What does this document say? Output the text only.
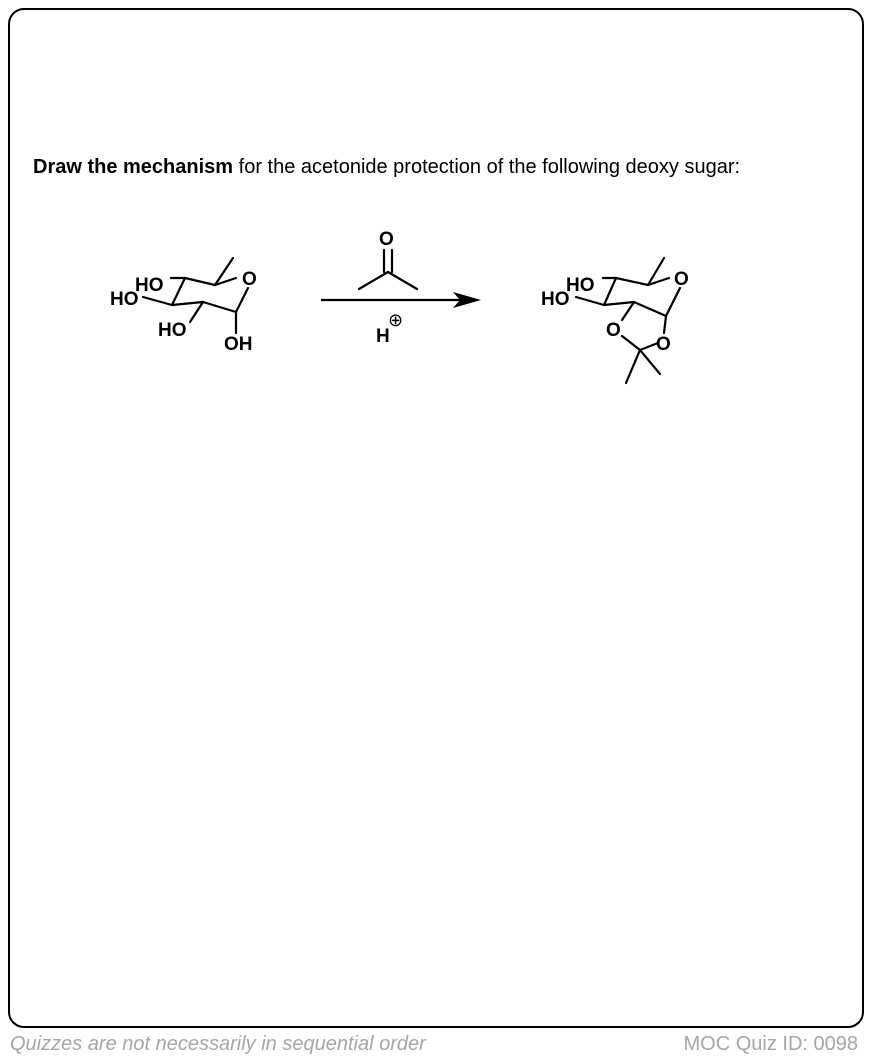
Draw the mechanism for the acetonide protection of the following deoxy sugar:
O
HO
HO
HO
OH
O
H
⊕
O
HO
HO
O
O
Quizzes are not necessarily in sequential order	MOC Quiz ID: 0098
